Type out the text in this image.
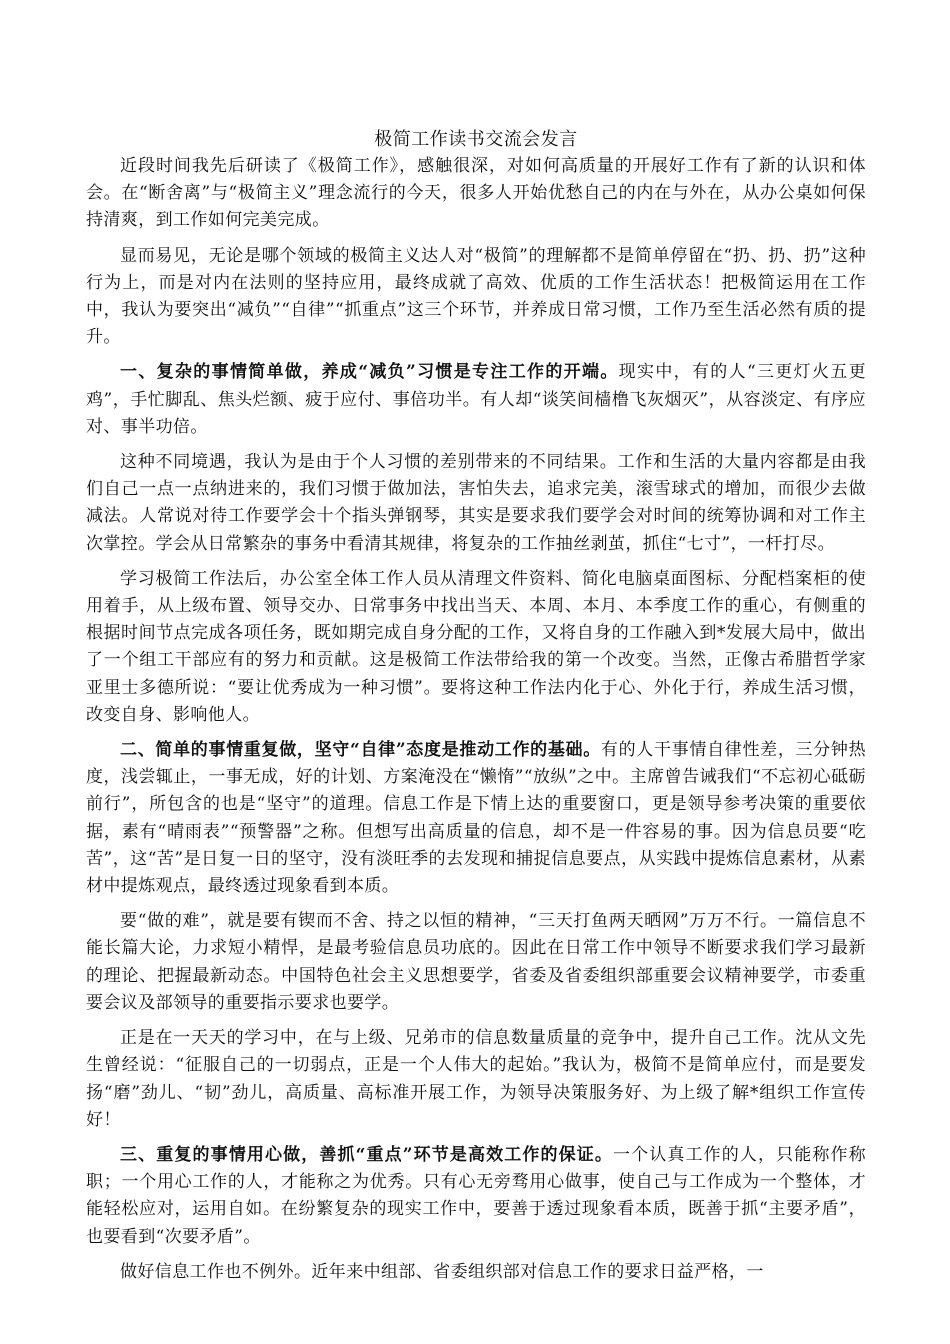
极简工作读书交流会发言

近段时间我先后研读了《极简工作》，感触很深，对如何高质量的开展好工作有了新的认识和体会。在“断舍离”与“极简主义”理念流行的今天，很多人开始优愁自己的内在与外在，从办公桌如何保持清爽，到工作如何完美完成。

显而易见，无论是哪个领域的极简主义达人对“极简”的理解都不是简单停留在“扔、扔、扔”这种行为上，而是对内在法则的坚持应用，最终成就了高效、优质的工作生活状态！把极简运用在工作中，我认为要突出“减负”“自律”“抓重点”这三个环节，并养成日常习惯，工作乃至生活必然有质的提升。

一、复杂的事情简单做，养成“减负”习惯是专注工作的开端。现实中，有的人“三更灯火五更鸡”，手忙脚乱、焦头烂额、疲于应付、事倍功半。有人却“谈笑间樯橹飞灰烟灭”，从容淡定、有序应对、事半功倍。

这种不同境遇，我认为是由于个人习惯的差别带来的不同结果。工作和生活的大量内容都是由我们自己一点一点纳进来的，我们习惯于做加法，害怕失去，追求完美，滚雪球式的增加，而很少去做减法。人常说对待工作要学会十个指头弹钢琴，其实是要求我们要学会对时间的统筹协调和对工作主次掌控。学会从日常繁杂的事务中看清其规律，将复杂的工作抽丝剥茧，抓住“七寸”，一杆打尽。

学习极简工作法后，办公室全体工作人员从清理文件资料、简化电脑桌面图标、分配档案柜的使用着手，从上级布置、领导交办、日常事务中找出当天、本周、本月、本季度工作的重心，有侧重的根据时间节点完成各项任务，既如期完成自身分配的工作，又将自身的工作融入到*发展大局中，做出了一个组工干部应有的努力和贡献。这是极简工作法带给我的第一个改变。当然，正像古希腊哲学家亚里士多德所说：“要让优秀成为一种习惯”。要将这种工作法内化于心、外化于行，养成生活习惯，改变自身、影响他人。

二、简单的事情重复做，坚守“自律”态度是推动工作的基础。有的人干事情自律性差，三分钟热度，浅尝辄止，一事无成，好的计划、方案淹没在“懒惰”“放纵”之中。主席曾告诫我们“不忘初心砥砺前行”，所包含的也是“坚守”的道理。信息工作是下情上达的重要窗口，更是领导参考决策的重要依据，素有“晴雨表”“预警器”之称。但想写出高质量的信息，却不是一件容易的事。因为信息员要“吃苦”，这“苦”是日复一日的坚守，没有淡旺季的去发现和捕捉信息要点，从实践中提炼信息素材，从素材中提炼观点，最终透过现象看到本质。

要“做的难”，就是要有锲而不舍、持之以恒的精神，“三天打鱼两天晒网”万万不行。一篇信息不能长篇大论，力求短小精悍，是最考验信息员功底的。因此在日常工作中领导不断要求我们学习最新的理论、把握最新动态。中国特色社会主义思想要学，省委及省委组织部重要会议精神要学，市委重要会议及部领导的重要指示要求也要学。

正是在一天天的学习中，在与上级、兄弟市的信息数量质量的竞争中，提升自己工作。沈从文先生曾经说：“征服自己的一切弱点，正是一个人伟大的起始。”我认为，极简不是简单应付，而是要发扬“磨”劲儿、“韧”劲儿，高质量、高标准开展工作，为领导决策服务好、为上级了解*组织工作宣传好！

三、重复的事情用心做，善抓“重点”环节是高效工作的保证。一个认真工作的人，只能称作称职；一个用心工作的人，才能称之为优秀。只有心无旁骛用心做事，使自己与工作成为一个整体，才能轻松应对，运用自如。在纷繁复杂的现实工作中，要善于透过现象看本质，既善于抓“主要矛盾”，也要看到“次要矛盾”。

做好信息工作也不例外。近年来中组部、省委组织部对信息工作的要求日益严格，一
